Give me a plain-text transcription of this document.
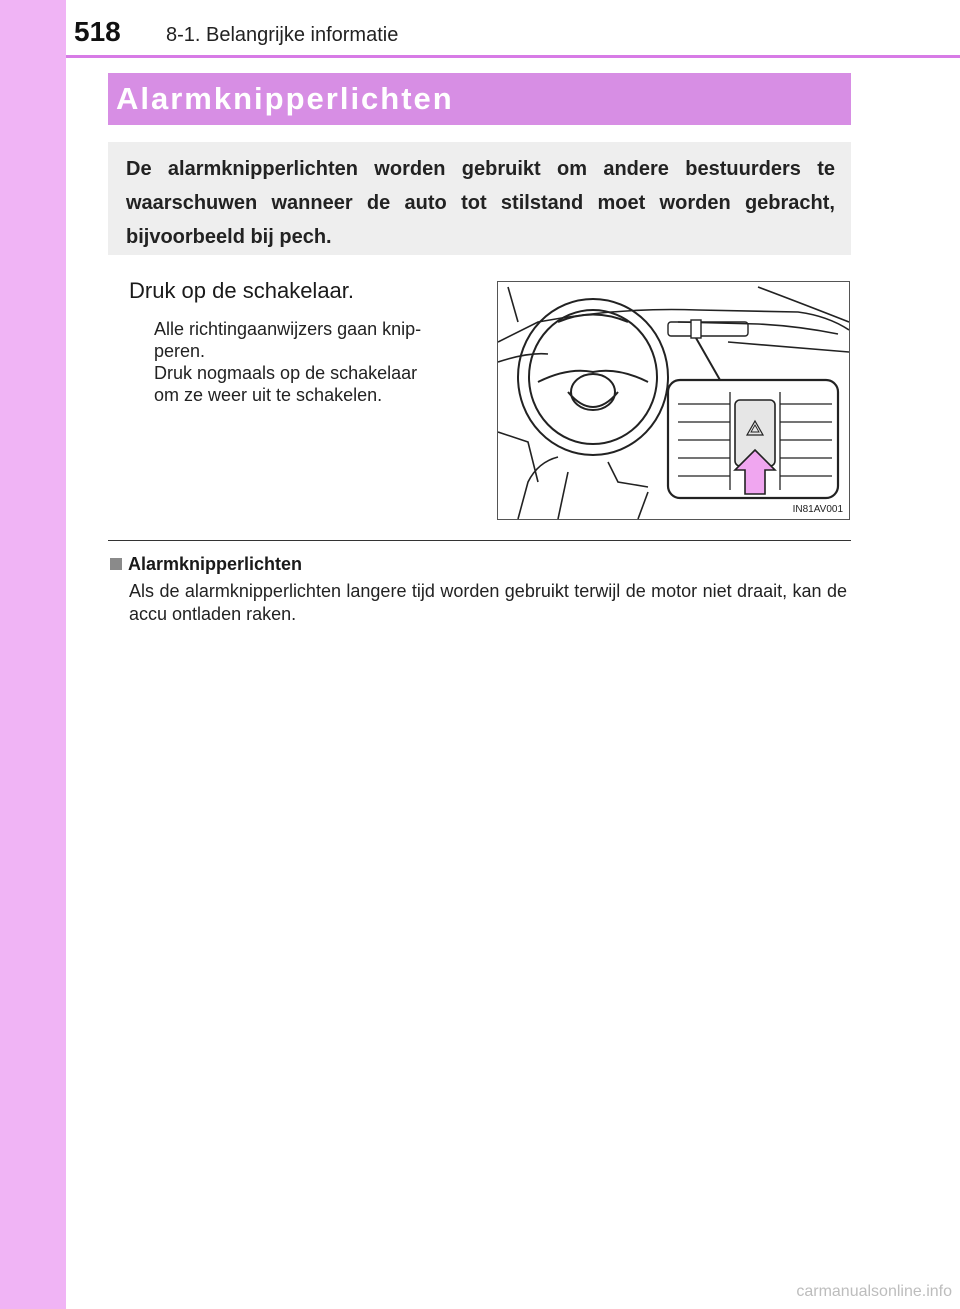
518 8-1. Belangrijke informatie
Alarmknipperlichten

De alarmknipperlichten worden gebruikt om andere bestuurders te waarschuwen wanneer de auto tot stilstand moet worden gebracht, bijvoorbeeld bij pech.

Druk op de schakelaar.

Alle richtingaanwijzers gaan knip-
peren.
Druk nogmaals op de schakelaar
om ze weer uit te schakelen.

IN81AV001
Alarmknipperlichten

Als de alarmknipperlichten langere tijd worden gebruikt terwijl de motor niet draait, kan de accu ontladen raken.

carmanualsonline.info
